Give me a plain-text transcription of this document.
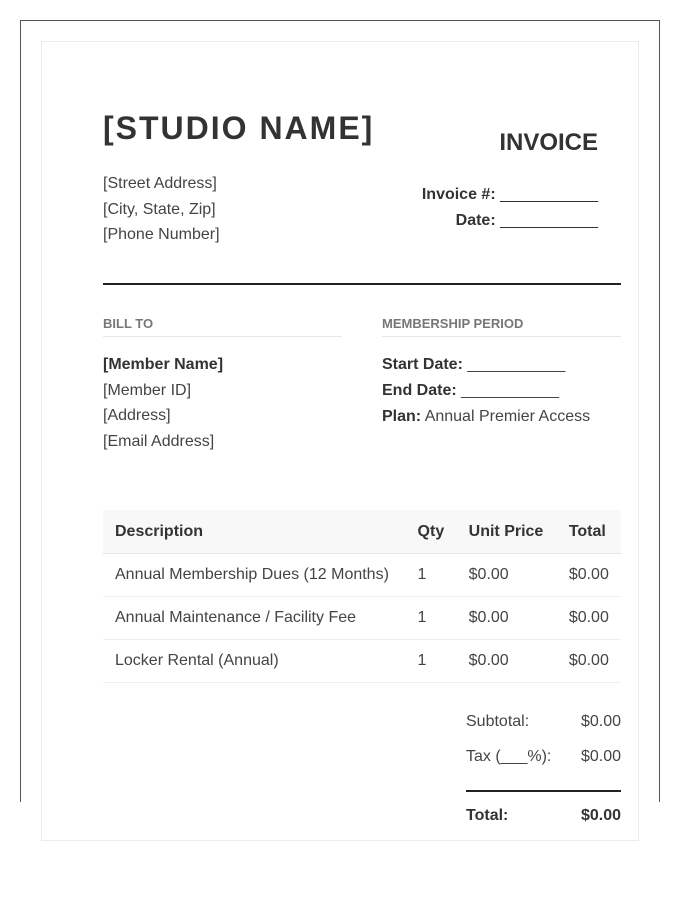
[STUDIO NAME]	INVOICE
[Street Address]
[City, State, Zip]
[Phone Number]
Invoice #: ___________
Date: ___________
BILL TO	MEMBERSHIP PERIOD
[Member Name]
[Member ID]
[Address]
[Email Address]
Start Date: ___________
End Date: ___________
Plan: Annual Premier Access
Description	Qty	Unit Price	Total
Annual Membership Dues (12 Months)	1	$0.00	$0.00
Annual Maintenance / Facility Fee	1	$0.00	$0.00
Locker Rental (Annual)	1	$0.00	$0.00
Subtotal:	$0.00
Tax (___%): $0.00
Total:	$0.00
